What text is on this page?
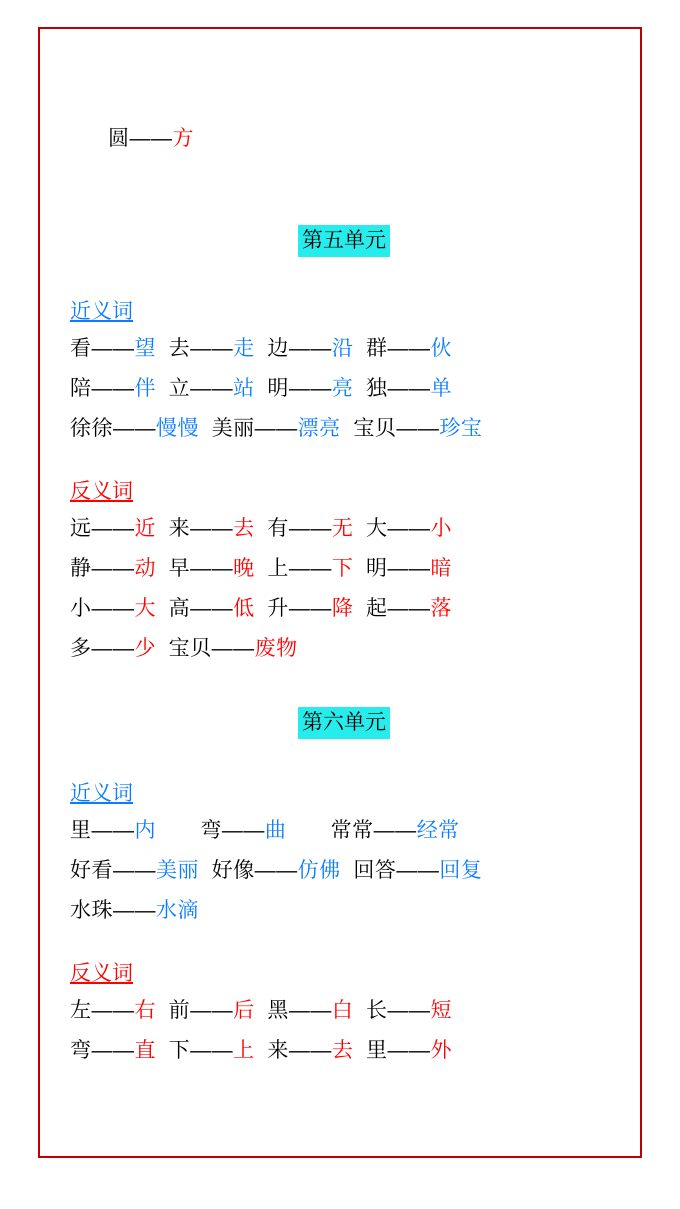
圆——方

第五单元
近义词
看——望  去——走  边——沿  群——伙
陪——伴  立——站  明——亮  独——单
徐徐——慢慢  美丽——漂亮  宝贝——珍宝
反义词
远——近  来——去  有——无  大——小
静——动  早——晚  上——下  明——暗
小——大  高——低  升——降  起——落
多——少  宝贝——废物
第六单元
近义词
里——内       弯——曲       常常——经常
好看——美丽  好像——仿佛  回答——回复
水珠——水滴
反义词
左——右  前——后  黑——白  长——短
弯——直  下——上  来——去  里——外
